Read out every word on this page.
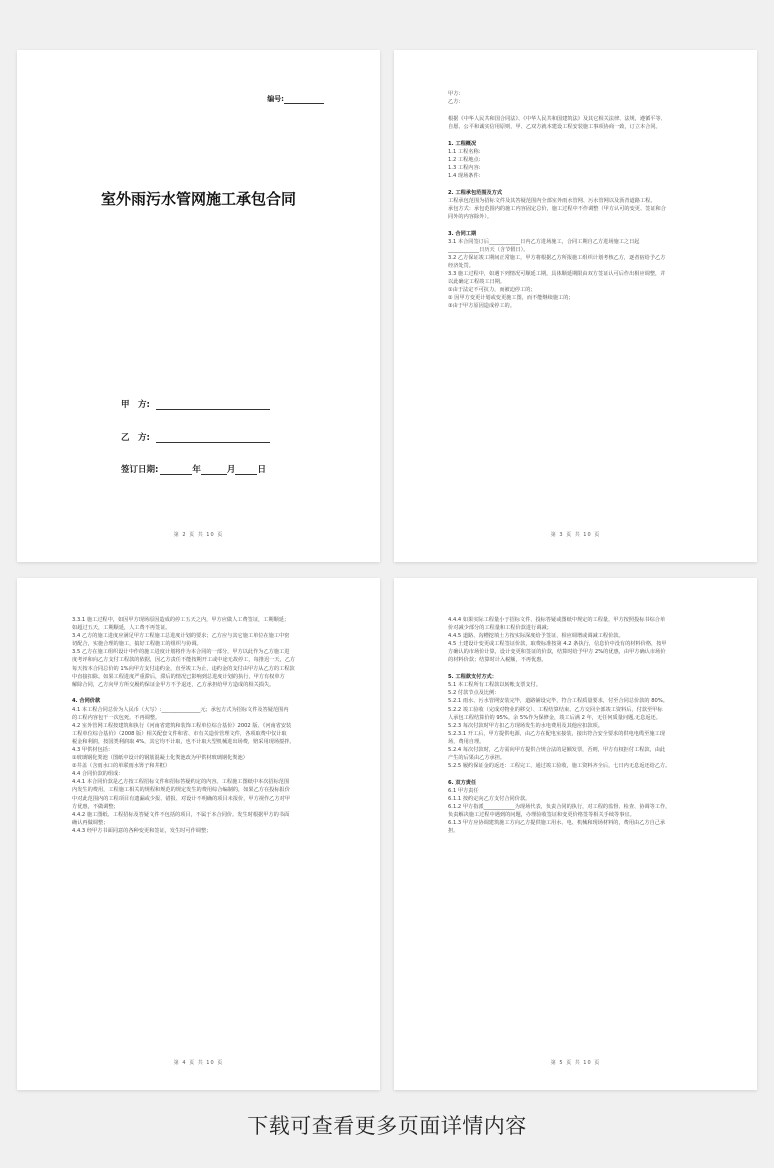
编号:
室外雨污水管网施工承包合同
甲　方:
乙　方:
签订日期:	年	月	日
第 2 页 共 10 页

甲方:

乙方:

根据《中华人民共和国合同法》、《中华人民共和国建筑法》及其它相关法律、法规，遵循平等、

自愿、公平和诚实信用原则，甲、乙双方就本建设工程安装施工事项协商一致，订立本合同。

1. 工程概况

1.1 工程名称:

1.2 工程地点:

1.3 工程内容:

1.4 现场条件:

2. 工程承包范围及方式

工程承包范围为招标文件及其答疑范围内全部室外雨水管网、污水管网以及沥青道路工程。

承包方式：承包范围内的施工内容固定总价，施工过程中不作调整（甲方认可的变更、签证和合

同外的内容除外）。

3. 合同工期

3.1 本合同签订后____________日内乙方进场施工，合同工期自乙方进场施工之日起

____________日历天（含节假日）。

3.2 乙方保证竣工期间正常施工，甲方将根据乙方所报施工组织计划考核乙方，逐者宿给予乙方

经济处罚。

3.3 施工过程中，如遇下列情况可顺延工期，具体顺延期限由双方签证认可后作出相应调整，并

以此确定工程竣工日期。

①由于法定不可抗力，而被迫停工的；

② 因甲方变更计划或变更施工图，而不能继续施工的；

③由于甲方原因造成停工的。

第 3 页 共 10 页

3.3.1 施工过程中，如因甲方现场原因造成的停工五天之内，甲方应做人工费签证，工期顺延；

如超过五天，工期顺延，人工费不再签证。

3.4 乙方的施工进度应满足甲方工程施工总进度计划的要求；乙方应与其它施工单位在施工中密

切配合，实施合理的施工，搞好工程施工的组织与协调。

3.5 乙方在施工组织设计中作的施工进度计划将作为本合同的一部分，甲方以此作为乙方施工进

度考评和向乙方支付工程款的依据，因乙方责任不能按期开工或中途无故停工，每推迟一天，乙方

每天按本合同总价的 1%向甲方支付违约金，直至竣工为止，违约金的支付由甲方从乙方的工程款

中直接扣除。如果工程进度严重滞后，滞后的情况已影响到总进度计划的执行，甲方有权单方

解除合同，乙方向甲方所交履约保证金甲方不予退还，乙方承担给甲方造成的相关损失。

4. 合同价款

4.1 本工程合同总价为人民币（大写）:_______________元；承包方式为招标文件及答疑范围内

的工程内容包干一次包死，不再调整。

4.2 室外管网工程按建筑和执行《河南省建筑和装饰工程单位综合基价》2002 版、《河南省安装

工程单位综合基价》（2008 版）相关配套文件和省、市有关造价管理文件，各项取费中仅计取

税金和利润，按国类利润取 4%，其它均不计取，也不计取大型机械进出场费，赔采用现场搅拌。

4.3 甲供材包括：

①玻璃钢化粪池（图纸中设计的钢筋混凝土化粪池改为甲供材玻璃钢化粪池）

②井盖（含雨水口的单联雨水箅子和井框）

4.4 合同价款的组成：

4.4.1 本合同价款是乙方按工程招标文件和招标答疑约定的内容。工程施工图纸中本次招标范围

内发生的费用，工程施工相关的规程和规范的规定发生的费用综合编制的，如果乙方在投标报价

中对此范围内的工程项目有遗漏或少报、错报、对设计不明确的项目未报价，甲方视作乙方对甲

方优惠，不做调整；

4.4.2 施工图纸、工程招标及答疑文件不包括的项目，不属于本合同价。发生时根据甲方的书面

确认再做调整；

4.4.3 经甲方书面同意的各种变更和签证，发生时可作调整；

第 4 页 共 10 页

4.4.4 如果实际工程量小于招标文件、投标答疑或图纸中规定的工程量，甲方按照投标书综合单

价对减少部分的工程量和工程价款进行调减；

4.4.5 道路、沟槽挖填土方按实际深度给予签证，相应调增或调减工程价款。

4.5 土建设计变更或工程签证价款，取费标准按第 4.2 条执行，信息价中没有的材料价格，按甲

方确认的市场价计算，设计变更和签证的价款，结算时给予甲方 2%的优惠，由甲方确认市场价

的材料价款；结算时计入税额，不再优惠。

5. 工程款支付方式：

5.1 本工程所有工程款以转帐支票支付。

5.2 付款节点及比例：

5.2.1 雨水、污水管网安装完毕，道路铺设完毕，符合工程质量要求，付至合同总价款的 80%。

5.2.2 竣工验收（完成对物业的移交）、工程结算结束、乙方交回全部竣工资料后，付款至甲标

人承包工程结算价的 95%。余 5%作为保修金，竣工后满 2 年，无任何质量问题,无息返还。

5.2.3 每次付款时甲方扣乙方现场发生的水电费用及其他应扣款项。

5.2.3.1 开工后，甲方提供电源，由乙方在配电室接装，接出符合安全要求的供电电缆至施工现

场，费用自理。

5.2.4 每次付款时，乙方需向甲方提供合规合法的是额发票，否则，甲方有权拒付工程款，由此

产生的后果由乙方承担。

5.2.5 履约保证金的返还：工程完工，通过竣工验收，施工资料齐全后，七日内无息返还给乙方。

6. 双方责任

6.1 甲方责任

6.1.1 按约定向乙方支付合同价款。

6.1.2 甲方指派____________为现场代表，负责合同的执行，对工程的监督、检查、协调等工作，

负责解决施工过程中遇到的问题，办理验收签证和变更价格签等相关手续等事宜。

6.1.3 甲方应协调建筑施工方向乙方提供施工用水、电、机械和现场材料的，费用由乙方自己承

担。

第 5 页 共 10 页
下载可查看更多页面详情内容
